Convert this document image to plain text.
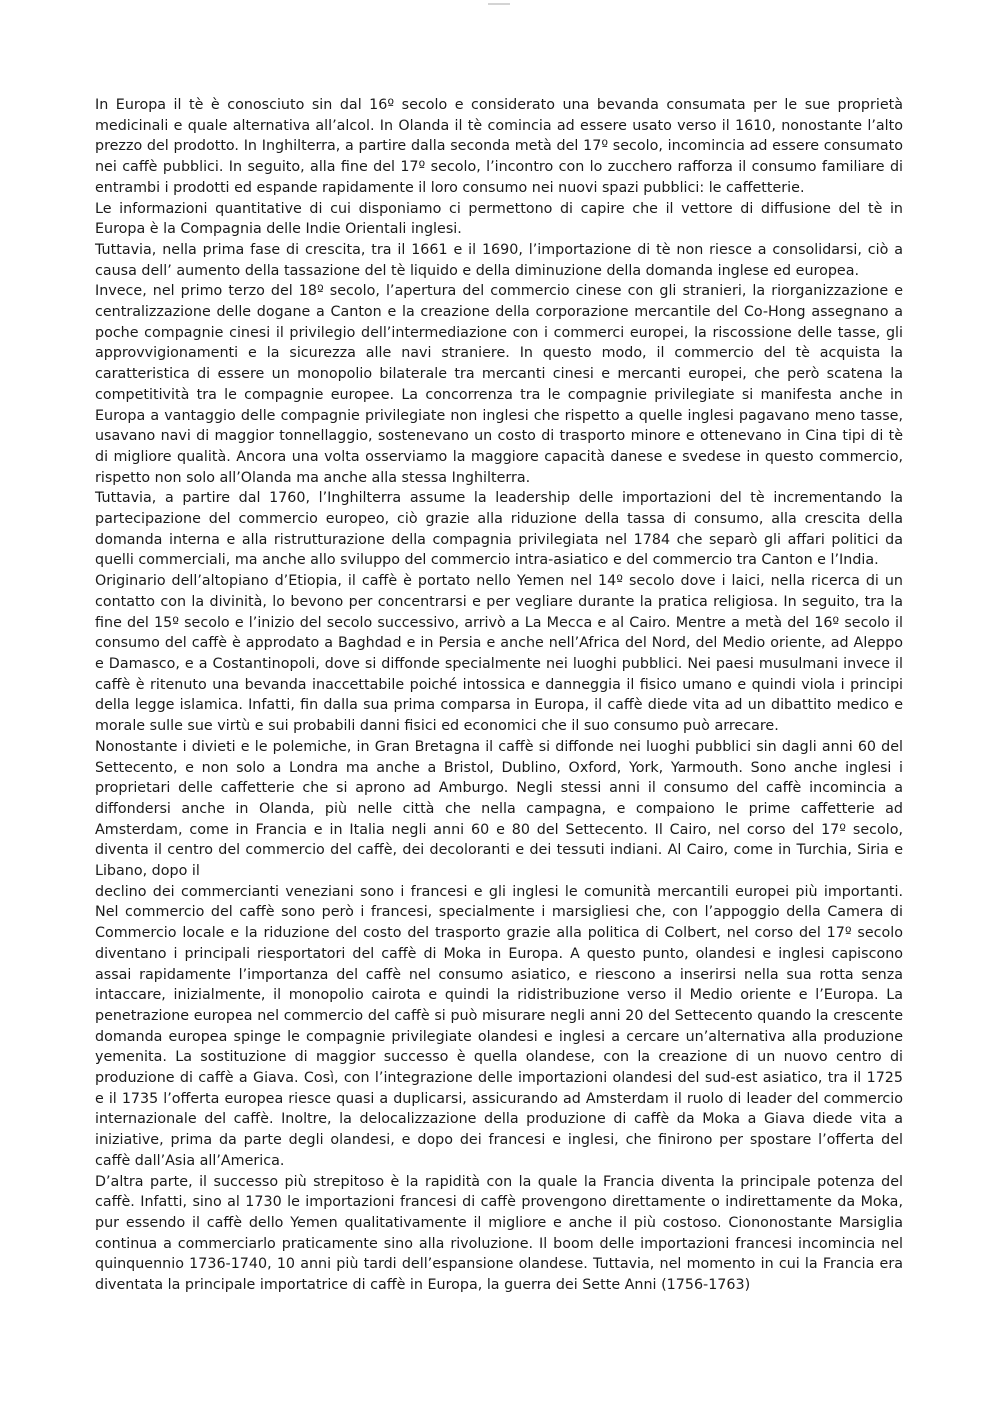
In Europa il tè è conosciuto sin dal 16º secolo e considerato una bevanda consumata per le sue proprietà medicinali e quale alternativa all’alcol. In Olanda il tè comincia ad essere usato verso il 1610, nonostante l’alto prezzo del prodotto. In Inghilterra, a partire dalla seconda metà del 17º secolo, incomincia ad essere consumato nei caffè pubblici. In seguito, alla fine del 17º secolo, l’incontro con lo zucchero rafforza il consumo familiare di entrambi i prodotti ed espande rapidamente il loro consumo nei nuovi spazi pubblici: le caffetterie.

Le informazioni quantitative di cui disponiamo ci permettono di capire che il vettore di diffusione del tè in Europa è la Compagnia delle Indie Orientali inglesi.

Tuttavia, nella prima fase di crescita, tra il 1661 e il 1690, l’importazione di tè non riesce a consolidarsi, ciò a causa dell’ aumento della tassazione del tè liquido e della diminuzione della domanda inglese ed europea.

Invece, nel primo terzo del 18º secolo, l’apertura del commercio cinese con gli stranieri, la riorganizzazione e centralizzazione delle dogane a Canton e la creazione della corporazione mercantile del Co-Hong assegnano a poche compagnie cinesi il privilegio dell’intermediazione con i commerci europei, la riscossione delle tasse, gli approvvigionamenti e la sicurezza alle navi straniere. In questo modo, il commercio del tè acquista la caratteristica di essere un monopolio bilaterale tra mercanti cinesi e mercanti europei, che però scatena la competitività tra le compagnie europee. La concorrenza tra le compagnie privilegiate si manifesta anche in Europa a vantaggio delle compagnie privilegiate non inglesi che rispetto a quelle inglesi pagavano meno tasse, usavano navi di maggior tonnellaggio, sostenevano un costo di trasporto minore e ottenevano in Cina tipi di tè di migliore qualità. Ancora una volta osserviamo la maggiore capacità danese e svedese in questo commercio, rispetto non solo all’Olanda ma anche alla stessa Inghilterra.

Tuttavia, a partire dal 1760, l’Inghilterra assume la leadership delle importazioni del tè incrementando la partecipazione del commercio europeo, ciò grazie alla riduzione della tassa di consumo, alla crescita della domanda interna e alla ristrutturazione della compagnia privilegiata nel 1784 che separò gli affari politici da quelli commerciali, ma anche allo sviluppo del commercio intra-asiatico e del commercio tra Canton e l’India.

Originario dell’altopiano d’Etiopia, il caffè è portato nello Yemen nel 14º secolo dove i laici, nella ricerca di un contatto con la divinità, lo bevono per concentrarsi e per vegliare durante la pratica religiosa. In seguito, tra la fine del 15º secolo e l’inizio del secolo successivo, arrivò a La Mecca e al Cairo. Mentre a metà del 16º secolo il consumo del caffè è approdato a Baghdad e in Persia e anche nell’Africa del Nord, del Medio oriente, ad Aleppo e Damasco, e a Costantinopoli, dove si diffonde specialmente nei luoghi pubblici. Nei paesi musulmani invece il caffè è ritenuto una bevanda inaccettabile poiché intossica e danneggia il fisico umano e quindi viola i principi della legge islamica. Infatti, fin dalla sua prima comparsa in Europa, il caffè diede vita ad un dibattito medico e morale sulle sue virtù e sui probabili danni fisici ed economici che il suo consumo può arrecare.

Nonostante i divieti e le polemiche, in Gran Bretagna il caffè si diffonde nei luoghi pubblici sin dagli anni 60 del Settecento, e non solo a Londra ma anche a Bristol, Dublino, Oxford, York, Yarmouth. Sono anche inglesi i proprietari delle caffetterie che si aprono ad Amburgo. Negli stessi anni il consumo del caffè incomincia a diffondersi anche in Olanda, più nelle città che nella campagna, e compaiono le prime caffetterie ad Amsterdam, come in Francia e in Italia negli anni 60 e 80 del Settecento. Il Cairo, nel corso del 17º secolo, diventa il centro del commercio del caffè, dei decoloranti e dei tessuti indiani. Al Cairo, come in Turchia, Siria e Libano, dopo il

declino dei commercianti veneziani sono i francesi e gli inglesi le comunità mercantili europei più importanti. Nel commercio del caffè sono però i francesi, specialmente i marsigliesi che, con l’appoggio della Camera di Commercio locale e la riduzione del costo del trasporto grazie alla politica di Colbert, nel corso del 17º secolo diventano i principali riesportatori del caffè di Moka in Europa. A questo punto, olandesi e inglesi capiscono assai rapidamente l’importanza del caffè nel consumo asiatico, e riescono a inserirsi nella sua rotta senza intaccare, inizialmente, il monopolio cairota e quindi la ridistribuzione verso il Medio oriente e l’Europa. La penetrazione europea nel commercio del caffè si può misurare negli anni 20 del Settecento quando la crescente domanda europea spinge le compagnie privilegiate olandesi e inglesi a cercare un’alternativa alla produzione yemenita. La sostituzione di maggior successo è quella olandese, con la creazione di un nuovo centro di produzione di caffè a Giava. Così, con l’integrazione delle importazioni olandesi del sud-est asiatico, tra il 1725 e il 1735 l’offerta europea riesce quasi a duplicarsi, assicurando ad Amsterdam il ruolo di leader del commercio internazionale del caffè. Inoltre, la delocalizzazione della produzione di caffè da Moka a Giava diede vita a iniziative, prima da parte degli olandesi, e dopo dei francesi e inglesi, che finirono per spostare l’offerta del caffè dall’Asia all’America.

D’altra parte, il successo più strepitoso è la rapidità con la quale la Francia diventa la principale potenza del caffè. Infatti, sino al 1730 le importazioni francesi di caffè provengono direttamente o indirettamente da Moka, pur essendo il caffè dello Yemen qualitativamente il migliore e anche il più costoso. Ciononostante Marsiglia continua a commerciarlo praticamente sino alla rivoluzione. Il boom delle importazioni francesi incomincia nel quinquennio 1736-1740, 10 anni più tardi dell’espansione olandese. Tuttavia, nel momento in cui la Francia era diventata la principale importatrice di caffè in Europa, la guerra dei Sette Anni (1756-1763)
